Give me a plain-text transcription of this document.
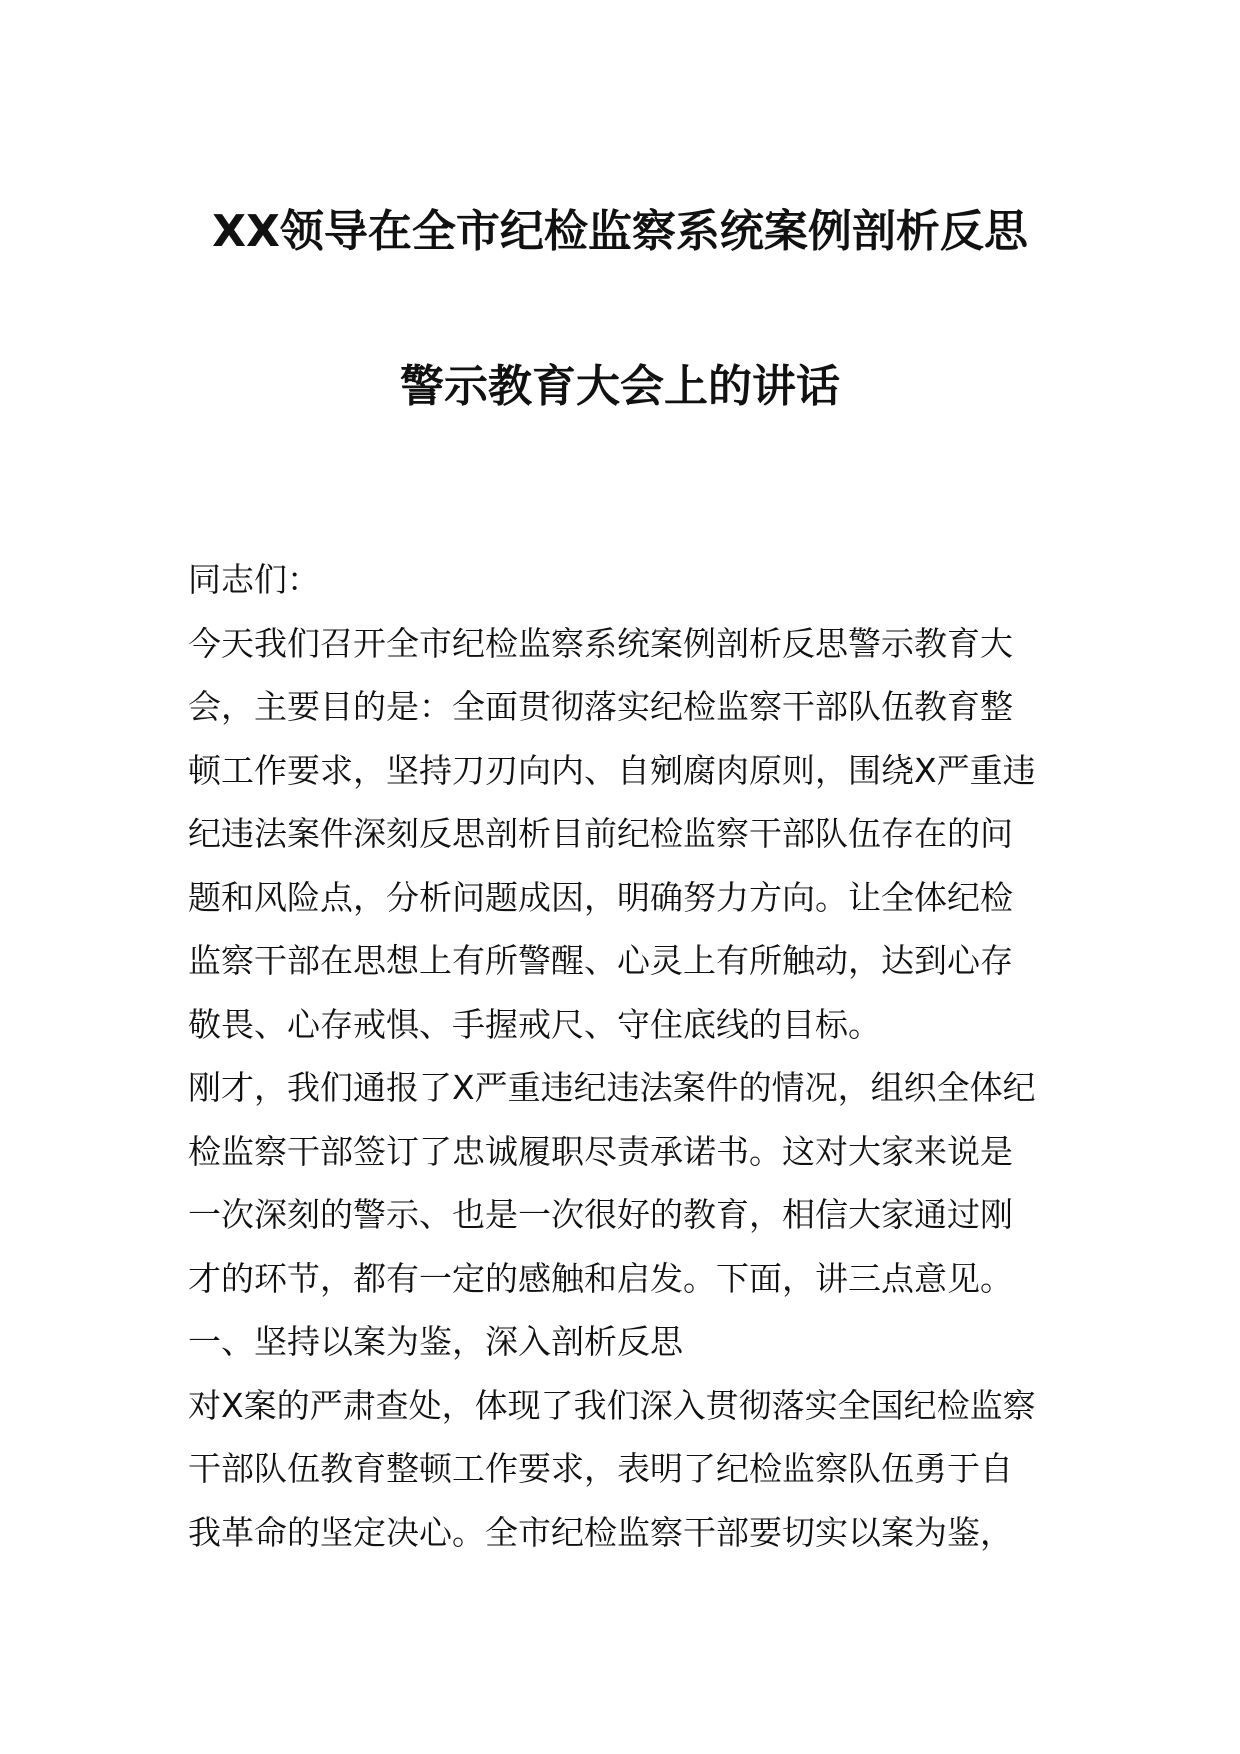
XX领导在全市纪检监察系统案例剖析反思
警示教育大会上的讲话
同志们：
今天我们召开全市纪检监察系统案例剖析反思警示教育大
会，主要目的是：全面贯彻落实纪检监察干部队伍教育整
顿工作要求，坚持刀刃向内、自剜腐肉原则，围绕X严重违
纪违法案件深刻反思剖析目前纪检监察干部队伍存在的问
题和风险点，分析问题成因，明确努力方向。让全体纪检
监察干部在思想上有所警醒、心灵上有所触动，达到心存
敬畏、心存戒惧、手握戒尺、守住底线的目标。
刚才，我们通报了X严重违纪违法案件的情况，组织全体纪
检监察干部签订了忠诚履职尽责承诺书。这对大家来说是
一次深刻的警示、也是一次很好的教育，相信大家通过刚
才的环节，都有一定的感触和启发。下面，讲三点意见。
一、坚持以案为鉴，深入剖析反思
对X案的严肃查处，体现了我们深入贯彻落实全国纪检监察
干部队伍教育整顿工作要求，表明了纪检监察队伍勇于自
我革命的坚定决心。全市纪检监察干部要切实以案为鉴，
